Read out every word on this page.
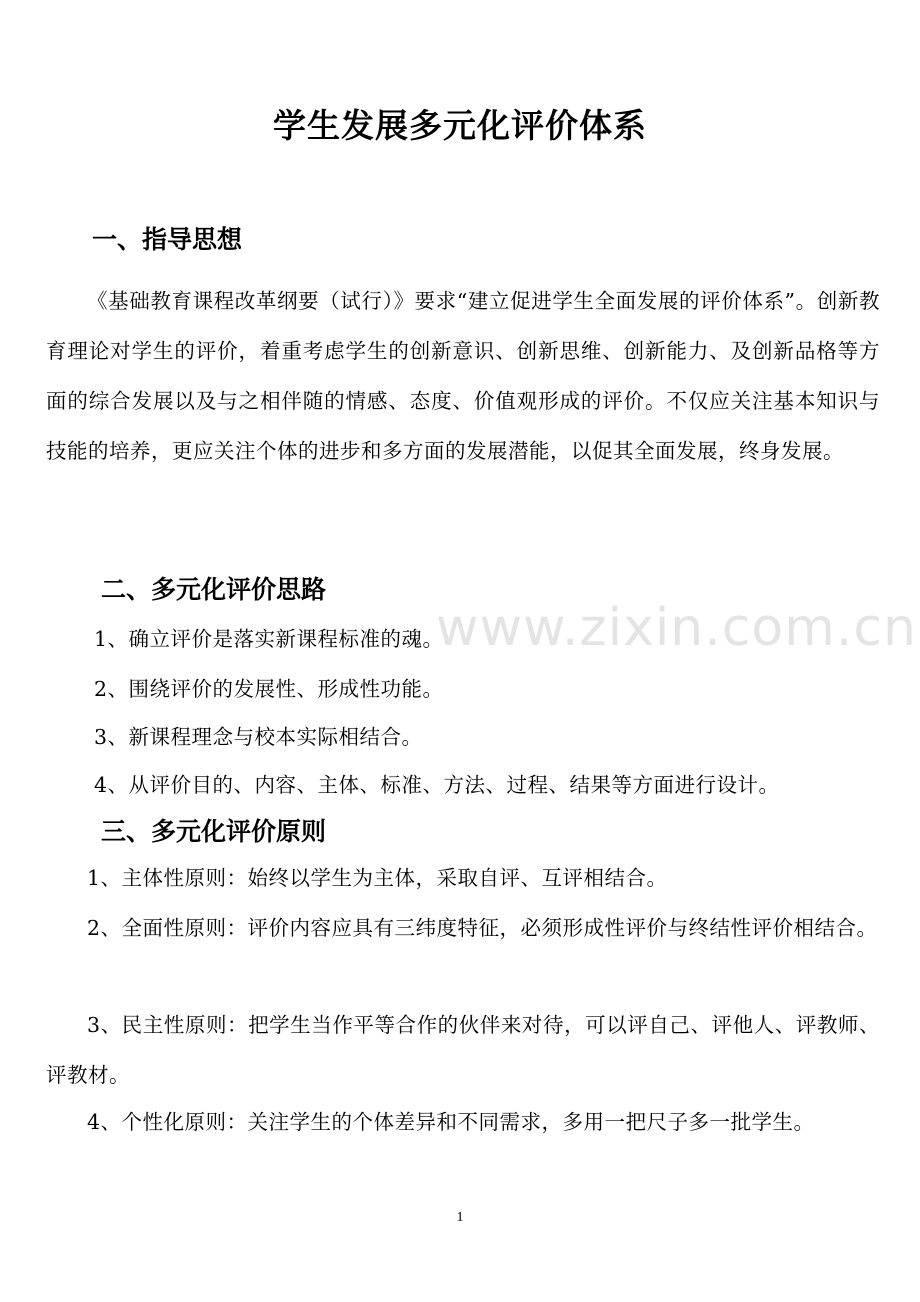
www.zixin.com.cn
学生发展多元化评价体系
一、指导思想

《基础教育课程改革纲要（试行）》要求“建立促进学生全面发展的评价体系”。创新教育理论对学生的评价，着重考虑学生的创新意识、创新思维、创新能力、及创新品格等方面的综合发展以及与之相伴随的情感、态度、价值观形成的评价。不仅应关注基本知识与技能的培养，更应关注个体的进步和多方面的发展潜能，以促其全面发展，终身发展。

二、多元化评价思路

1、确立评价是落实新课程标准的魂。

2、围绕评价的发展性、形成性功能。

3、新课程理念与校本实际相结合。

4、从评价目的、内容、主体、标准、方法、过程、结果等方面进行设计。

三、多元化评价原则

1、主体性原则：始终以学生为主体，采取自评、互评相结合。

2、全面性原则：评价内容应具有三纬度特征，必须形成性评价与终结性评价相结合。

3、民主性原则：把学生当作平等合作的伙伴来对待，可以评自己、评他人、评教师、评教材。

4、个性化原则：关注学生的个体差异和不同需求，多用一把尺子多一批学生。

1
